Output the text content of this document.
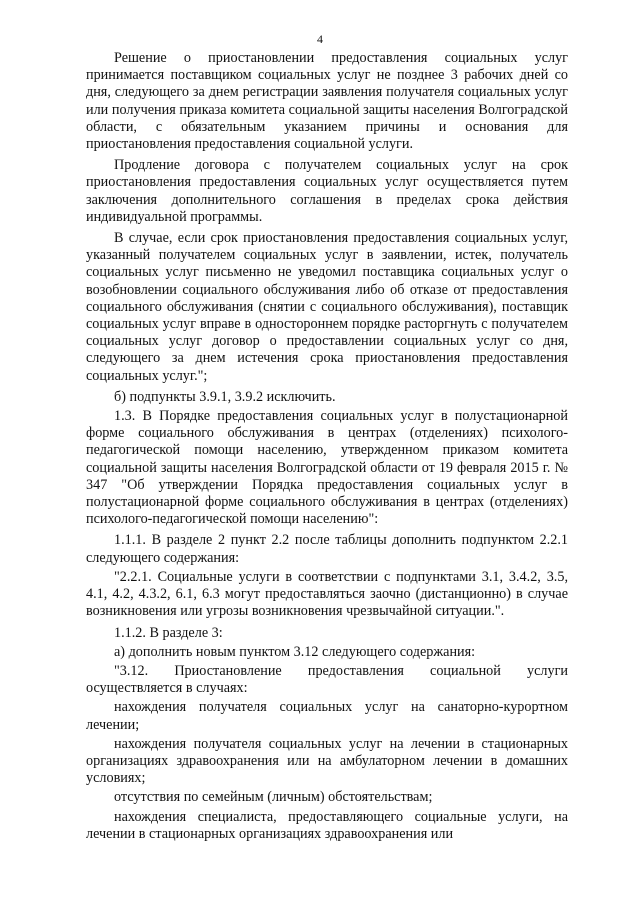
4

Решение о приостановлении предоставления социальных услуг принимается поставщиком социальных услуг не позднее 3 рабочих дней со дня, следующего за днем регистрации заявления получателя социальных услуг или получения приказа комитета социальной защиты населения Волгоградской области, с обязательным указанием причины и основания для приостановления предоставления социальной услуги.

Продление договора с получателем социальных услуг на срок приостановления предоставления социальных услуг осуществляется путем заключения дополнительного соглашения в пределах срока действия индивидуальной программы.

В случае, если срок приостановления предоставления социальных услуг, указанный получателем социальных услуг в заявлении, истек, получатель социальных услуг письменно не уведомил поставщика социальных услуг о возобновлении социального обслуживания либо об отказе от предоставления социального обслуживания (снятии с социального обслуживания), поставщик социальных услуг вправе в одностороннем порядке расторгнуть с получателем социальных услуг договор о предоставлении социальных услуг со дня, следующего за днем истечения срока приостановления предоставления социальных услуг.";

б) подпункты 3.9.1, 3.9.2 исключить.

1.3. В Порядке предоставления социальных услуг в полустационарной форме социального обслуживания в центрах (отделениях) психолого-педагогической помощи населению, утвержденном приказом комитета социальной защиты населения Волгоградской области от 19 февраля 2015 г. № 347 "Об утверждении Порядка предоставления социальных услуг в полустационарной форме социального обслуживания в центрах (отделениях) психолого-педагогической помощи населению":

1.1.1. В разделе 2 пункт 2.2 после таблицы дополнить подпунктом 2.2.1 следующего содержания:

"2.2.1. Социальные услуги в соответствии с подпунктами 3.1, 3.4.2, 3.5, 4.1, 4.2, 4.3.2, 6.1, 6.3 могут предоставляться заочно (дистанционно) в случае возникновения или угрозы возникновения чрезвычайной ситуации.".

1.1.2. В разделе 3:

а) дополнить новым пунктом 3.12 следующего содержания:

"3.12. Приостановление предоставления социальной услуги осуществляется в случаях:

нахождения получателя социальных услуг на санаторно-курортном лечении;

нахождения получателя социальных услуг на лечении в стационарных организациях здравоохранения или на амбулаторном лечении в домашних условиях;

отсутствия по семейным (личным) обстоятельствам;

нахождения специалиста, предоставляющего социальные услуги, на лечении в стационарных организациях здравоохранения или
